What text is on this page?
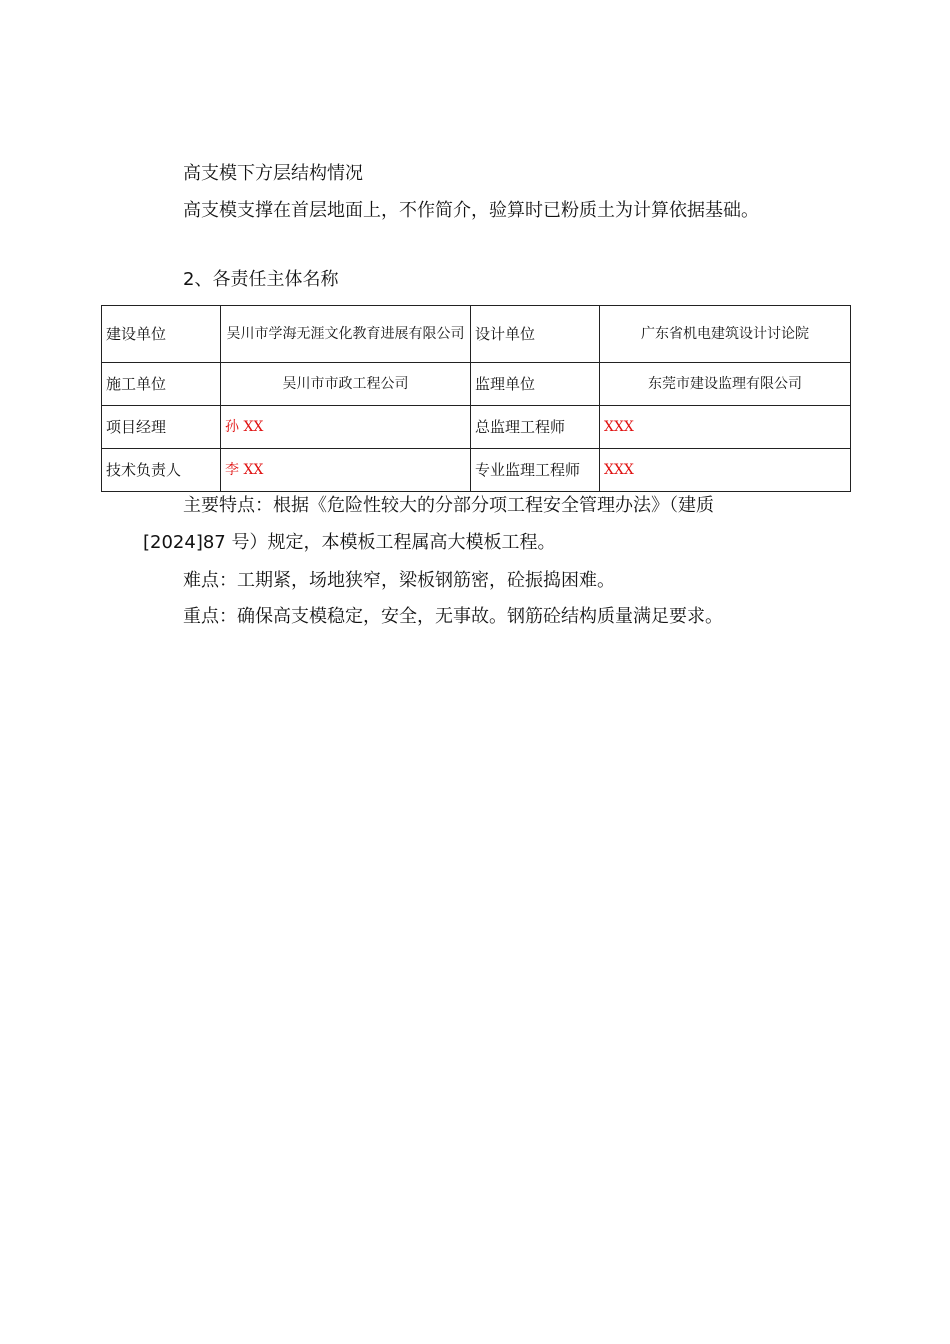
高支模下方层结构情况
高支模支撑在首层地面上，不作简介，验算时已粉质土为计算依据基础。
2、各责任主体名称
建设单位	吴川市学海无涯文化教育进展有限公司	设计单位	广东省机电建筑设计讨论院
施工单位	吴川市市政工程公司	监理单位	东莞市建设监理有限公司
项目经理	孙 XX	总监理工程师	XXX
技术负责人	李 XX	专业监理工程师	XXX
主要特点：根据《危险性较大的分部分项工程安全管理办法》（建质
[2024]87 号）规定，本模板工程属高大模板工程。
难点：工期紧，场地狭窄，梁板钢筋密，砼振捣困难。
重点：确保高支模稳定，安全，无事故。钢筋砼结构质量满足要求。
